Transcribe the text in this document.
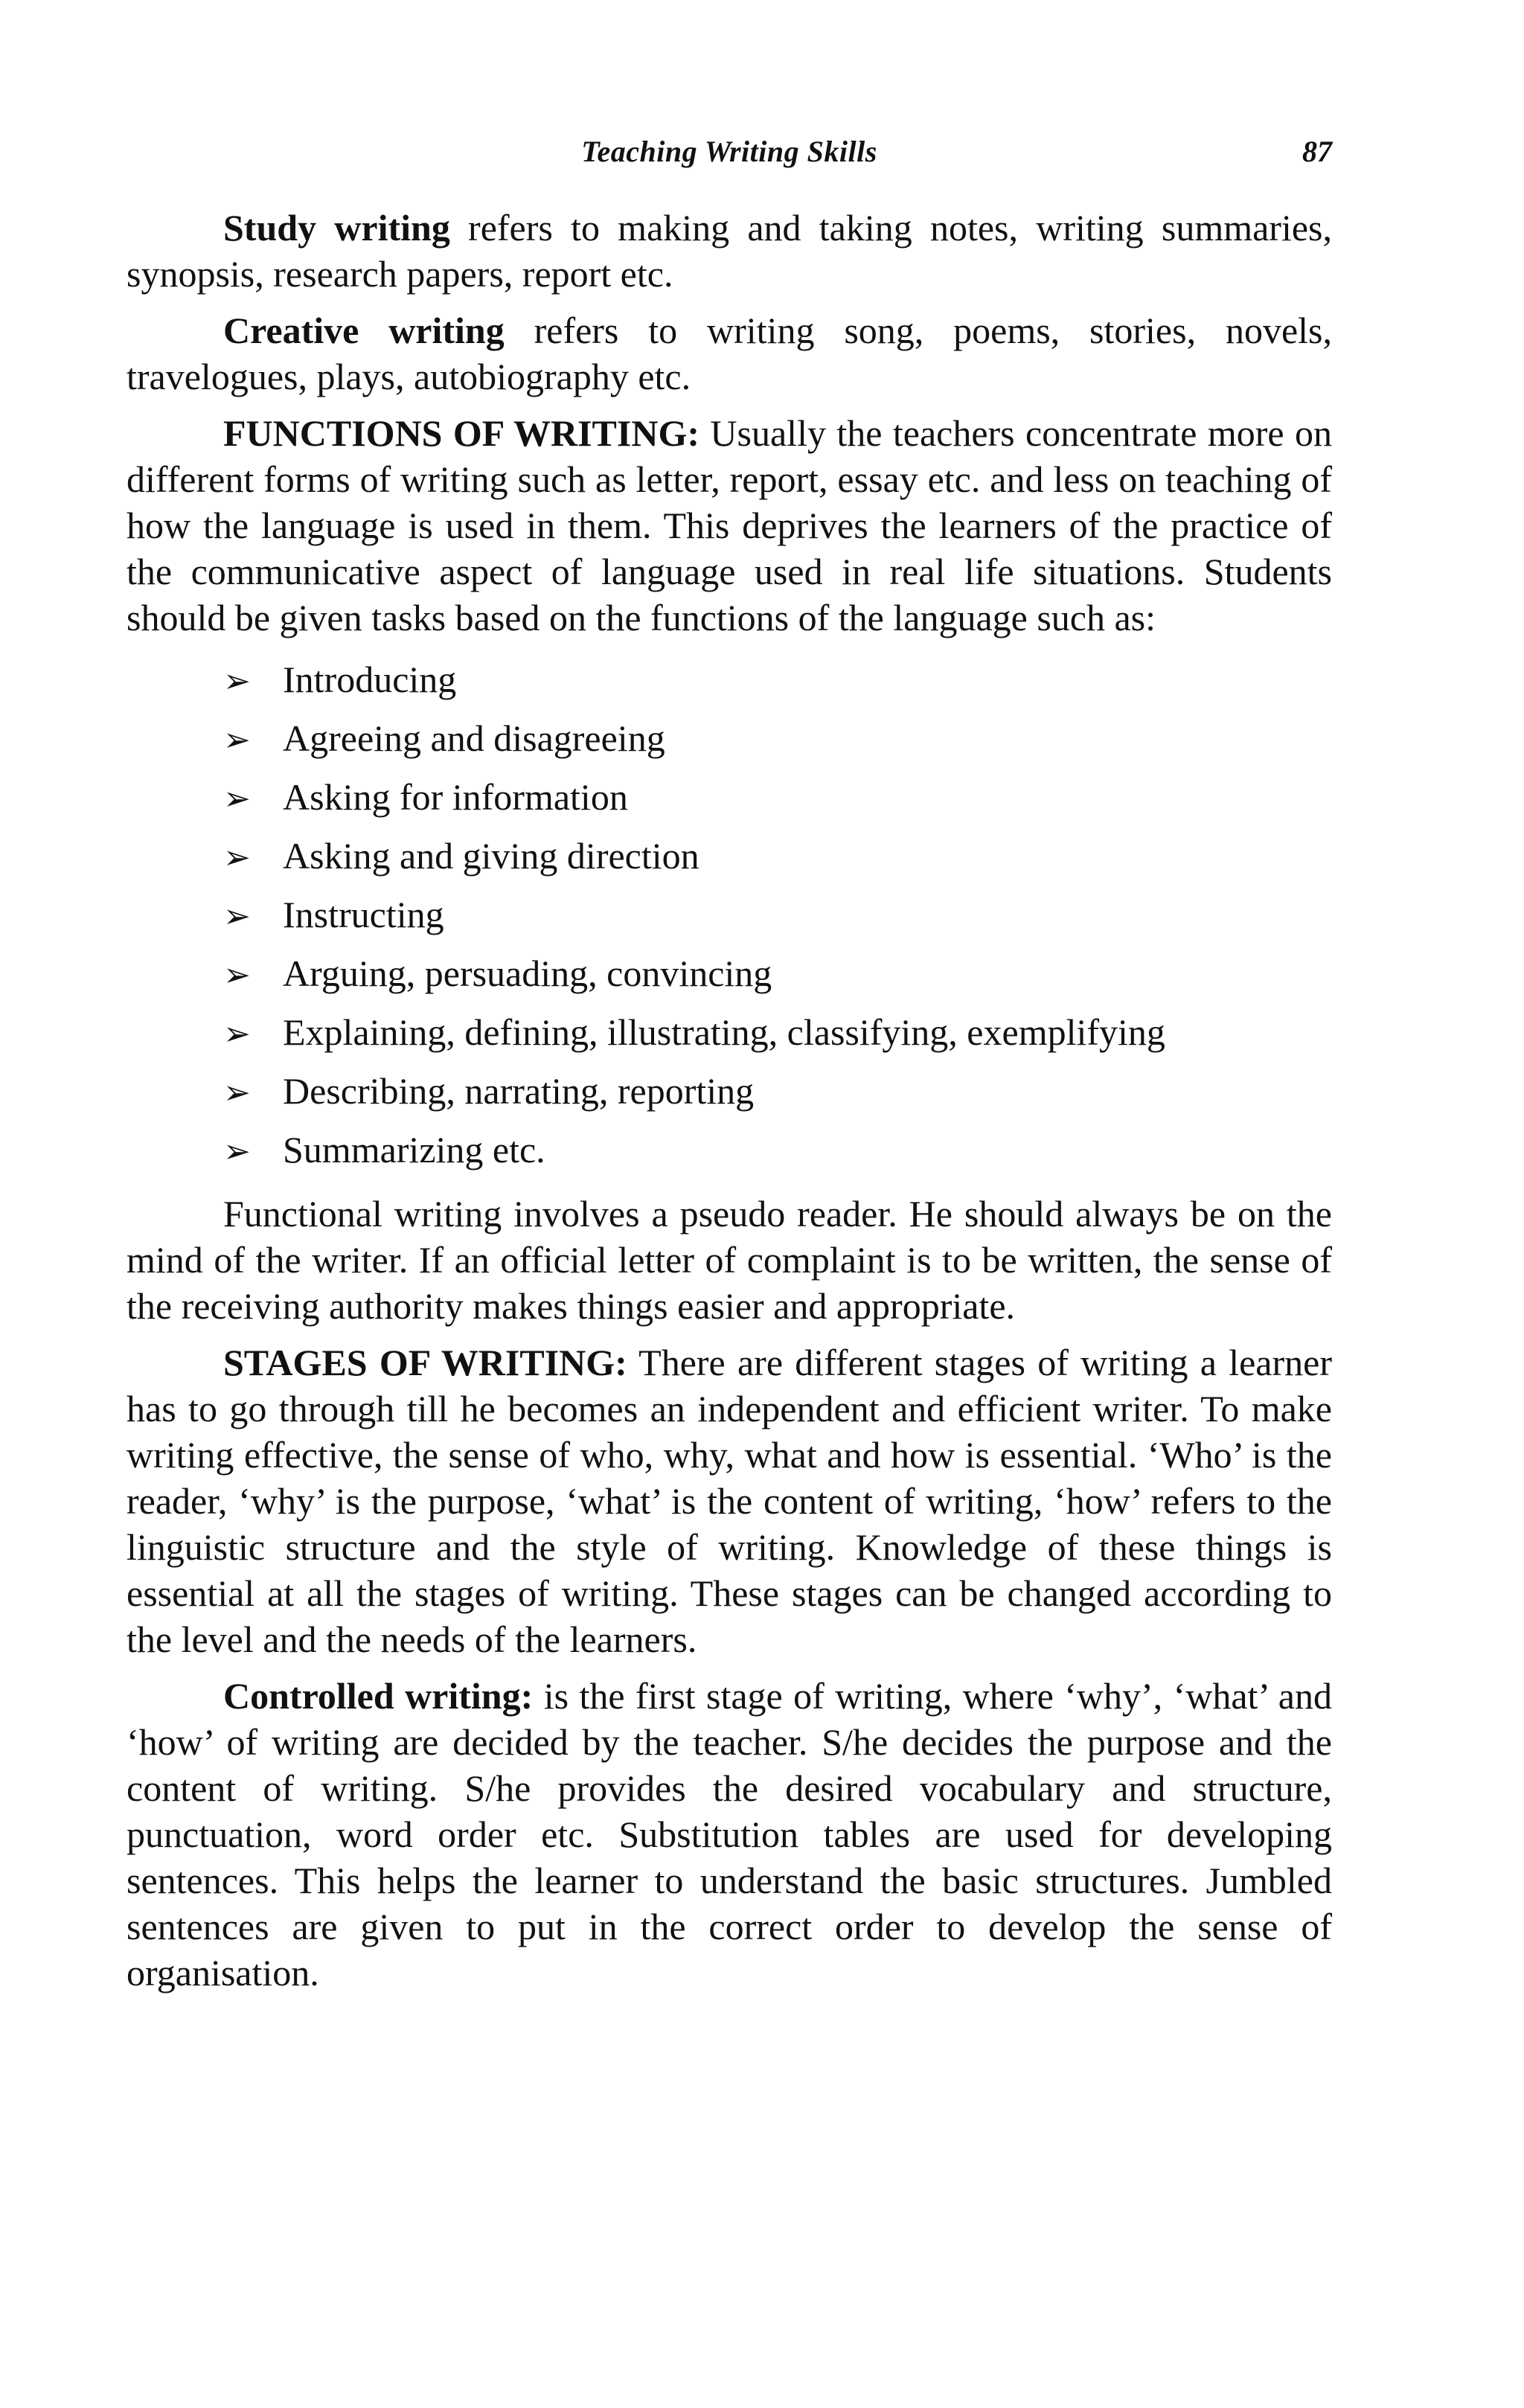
Teaching Writing Skills	87

Study writing refers to making and taking notes, writing summaries, synopsis, research papers, report etc.

Creative writing refers to writing song, poems, stories, novels, travelogues, plays, autobiography etc.

FUNCTIONS OF WRITING: Usually the teachers concentrate more on different forms of writing such as letter, report, essay etc. and less on teaching of how the language is used in them. This deprives the learners of the practice of the communicative aspect of language used in real life situations. Students should be given tasks based on the functions of the language such as:

➢ Introducing
➢ Agreeing and disagreeing
➢ Asking for information
➢ Asking and giving direction
➢ Instructing
➢ Arguing, persuading, convincing
➢ Explaining, defining, illustrating, classifying, exemplifying
➢ Describing, narrating, reporting
➢ Summarizing etc.

Functional writing involves a pseudo reader. He should always be on the mind of the writer. If an official letter of complaint is to be written, the sense of the receiving authority makes things easier and appropriate.

STAGES OF WRITING: There are different stages of writing a learner has to go through till he becomes an independent and efficient writer. To make writing effective, the sense of who, why, what and how is essential. ‘Who’ is the reader, ‘why’ is the purpose, ‘what’ is the content of writing, ‘how’ refers to the linguistic structure and the style of writing. Knowledge of these things is essential at all the stages of writing. These stages can be changed according to the level and the needs of the learners.

Controlled writing: is the first stage of writing, where ‘why’, ‘what’ and ‘how’ of writing are decided by the teacher. S/he decides the purpose and the content of writing. S/he provides the desired vocabulary and structure, punctuation, word order etc. Substitution tables are used for developing sentences. This helps the learner to understand the basic structures. Jumbled sentences are given to put in the correct order to develop the sense of organisation.
